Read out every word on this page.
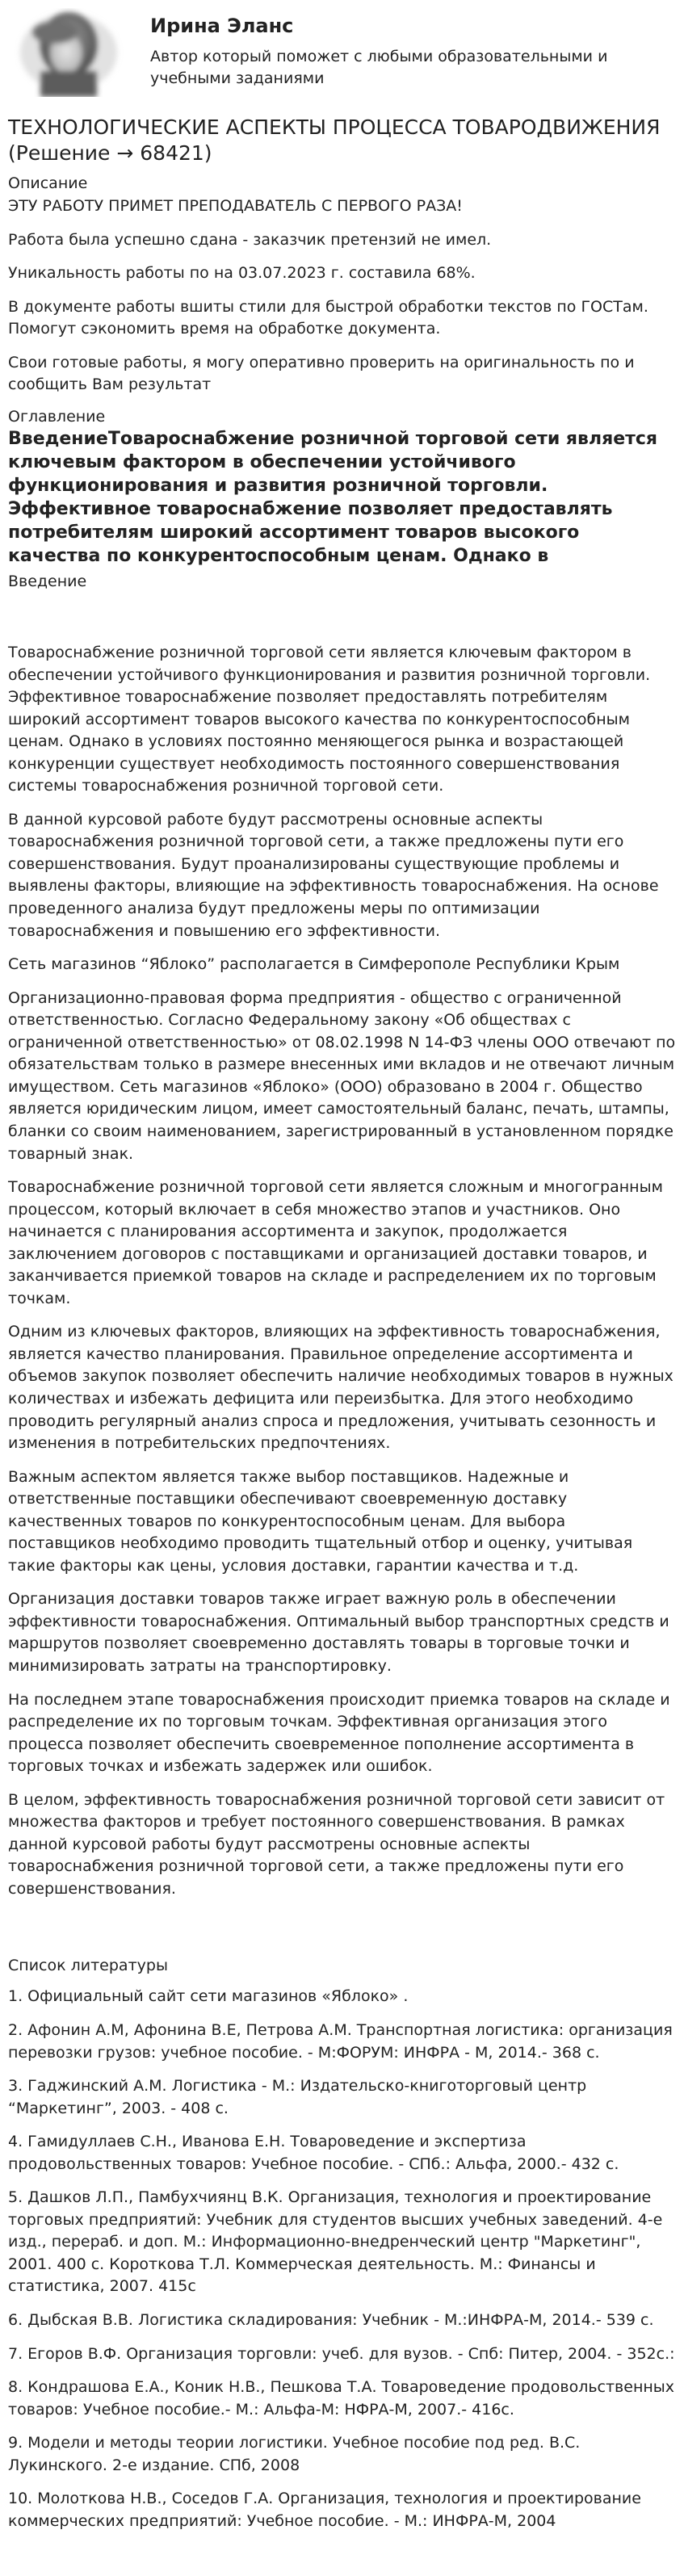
Ирина Эланс
Автор который поможет с любыми образовательными и учебными заданиями
ТЕХНОЛОГИЧЕСКИЕ АСПЕКТЫ ПРОЦЕССА ТОВАРОДВИЖЕНИЯ (Решение → 68421)
Описание

ЭТУ РАБОТУ ПРИМЕТ ПРЕПОДАВАТЕЛЬ С ПЕРВОГО РАЗА!

Работа была успешно сдана - заказчик претензий не имел.

Уникальность работы по на 03.07.2023 г. составила 68%.

В документе работы вшиты стили для быстрой обработки текстов по ГОСТам. Помогут сэкономить время на обработке документа.

Свои готовые работы, я могу оперативно проверить на оригинальность по и сообщить Вам результат

Оглавление
ВведениеТовароснабжение розничной торговой сети является ключевым фактором в обеспечении устойчивого функционирования и развития розничной торговли. Эффективное товароснабжение позволяет предоставлять потребителям широкий ассортимент товаров высокого качества по конкурентоспособным ценам. Однако в
Введение

Товароснабжение розничной торговой сети является ключевым фактором в обеспечении устойчивого функционирования и развития розничной торговли. Эффективное товароснабжение позволяет предоставлять потребителям широкий ассортимент товаров высокого качества по конкурентоспособным ценам. Однако в условиях постоянно меняющегося рынка и возрастающей конкуренции существует необходимость постоянного совершенствования системы товароснабжения розничной торговой сети.

В данной курсовой работе будут рассмотрены основные аспекты товароснабжения розничной торговой сети, а также предложены пути его совершенствования. Будут проанализированы существующие проблемы и выявлены факторы, влияющие на эффективность товароснабжения. На основе проведенного анализа будут предложены меры по оптимизации товароснабжения и повышению его эффективности.

Сеть магазинов “Яблоко” располагается в Симферополе Республики Крым

Организационно-правовая форма предприятия - общество с ограниченной ответственностью. Согласно Федеральному закону «Об обществах с ограниченной ответственностью» от 08.02.1998 N 14-ФЗ члены ООО отвечают по обязательствам только в размере внесенных ими вкладов и не отвечают личным имуществом. Сеть магазинов «Яблоко» (ООО) образовано в 2004 г. Общество является юридическим лицом, имеет самостоятельный баланс, печать, штампы, бланки со своим наименованием, зарегистрированный в установленном порядке товарный знак.

Товароснабжение розничной торговой сети является сложным и многогранным процессом, который включает в себя множество этапов и участников. Оно начинается с планирования ассортимента и закупок, продолжается заключением договоров с поставщиками и организацией доставки товаров, и заканчивается приемкой товаров на складе и распределением их по торговым точкам.

Одним из ключевых факторов, влияющих на эффективность товароснабжения, является качество планирования. Правильное определение ассортимента и объемов закупок позволяет обеспечить наличие необходимых товаров в нужных количествах и избежать дефицита или переизбытка. Для этого необходимо проводить регулярный анализ спроса и предложения, учитывать сезонность и изменения в потребительских предпочтениях.

Важным аспектом является также выбор поставщиков. Надежные и ответственные поставщики обеспечивают своевременную доставку качественных товаров по конкурентоспособным ценам. Для выбора поставщиков необходимо проводить тщательный отбор и оценку, учитывая такие факторы как цены, условия доставки, гарантии качества и т.д.

Организация доставки товаров также играет важную роль в обеспечении эффективности товароснабжения. Оптимальный выбор транспортных средств и маршрутов позволяет своевременно доставлять товары в торговые точки и минимизировать затраты на транспортировку.

На последнем этапе товароснабжения происходит приемка товаров на складе и распределение их по торговым точкам. Эффективная организация этого процесса позволяет обеспечить своевременное пополнение ассортимента в торговых точках и избежать задержек или ошибок.

В целом, эффективность товароснабжения розничной торговой сети зависит от множества факторов и требует постоянного совершенствования. В рамках данной курсовой работы будут рассмотрены основные аспекты товароснабжения розничной торговой сети, а также предложены пути его совершенствования.

Список литературы
1. Официальный сайт сети магазинов «Яблоко» .
2. Афонин А.М, Афонина В.Е, Петрова А.М. Транспортная логистика: организация перевозки грузов: учебное пособие. - М:ФОРУМ: ИНФРА - М, 2014.- 368 с.
3. Гаджинский А.М. Логистика - М.: Издательско-книготорговый центр “Маркетинг”, 2003. - 408 с.
4. Гамидуллаев С.Н., Иванова Е.Н. Товароведение и экспертиза продовольственных товаров: Учебное пособие. - СПб.: Альфа, 2000.- 432 с.
5. Дашков Л.П., Памбухчиянц В.К. Организация, технология и проектирование торговых предприятий: Учебник для студентов высших учебных заведений. 4-е изд., перераб. и доп. М.: Информационно-внедренческий центр "Маркетинг", 2001. 400 с. Короткова Т.Л. Коммерческая деятельность. М.: Финансы и статистика, 2007. 415с
6. Дыбская В.В. Логистика складирования: Учебник - М.:ИНФРА-М, 2014.- 539 с.
7. Егоров В.Ф. Организация торговли: учеб. для вузов. - Спб: Питер, 2004. - 352с.:
8. Кондрашова Е.А., Коник Н.В., Пешкова Т.А. Товароведение продовольственных товаров: Учебное пособие.- М.: Альфа-М: НФРА-М, 2007.- 416с.
9. Модели и методы теории логистики. Учебное пособие под ред. В.С. Лукинского. 2-е издание. СПб, 2008
10. Молоткова Н.В., Соседов Г.А. Организация, технология и проектирование коммерческих предприятий: Учебное пособие. - М.: ИНФРА-М, 2004
